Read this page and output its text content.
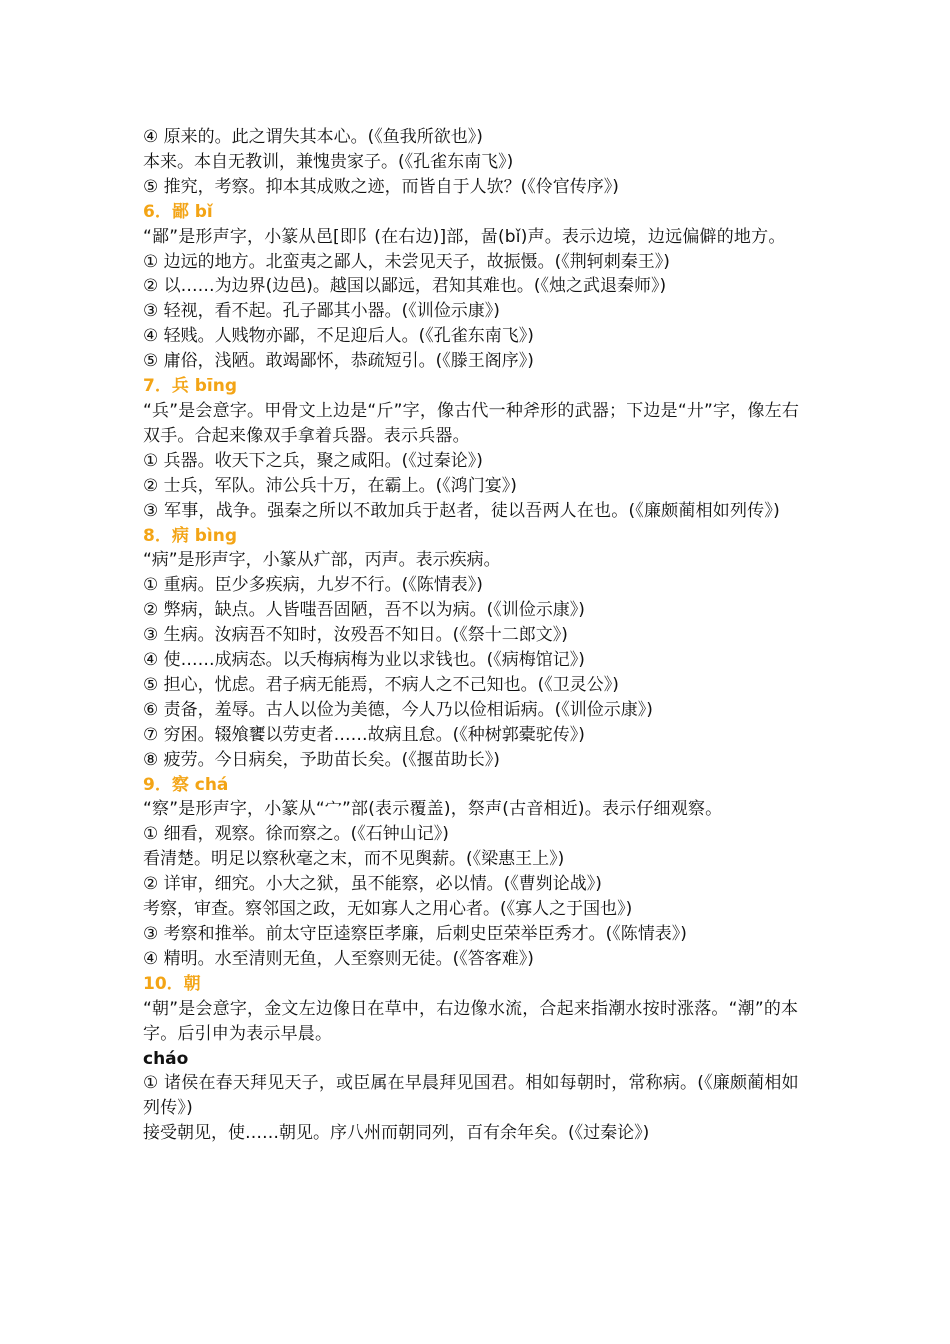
④ 原来的。此之谓失其本心。(《鱼我所欲也》)
本来。本自无教训，兼愧贵家子。(《孔雀东南飞》)
⑤ 推究，考察。抑本其成败之迹，而皆自于人欤？(《伶官传序》)
6．鄙 bǐ
“鄙”是形声字，小篆从邑[即阝(在右边)]部，啚(bǐ)声。表示边境，边远偏僻的地方。
① 边远的地方。北蛮夷之鄙人，未尝见天子，故振慑。(《荆轲刺秦王》)
② 以……为边界(边邑)。越国以鄙远，君知其难也。(《烛之武退秦师》)
③ 轻视，看不起。孔子鄙其小器。(《训俭示康》)
④ 轻贱。人贱物亦鄙，不足迎后人。(《孔雀东南飞》)
⑤ 庸俗，浅陋。敢竭鄙怀，恭疏短引。(《滕王阁序》)
7．兵 bīng
“兵”是会意字。甲骨文上边是“斤”字，像古代一种斧形的武器；下边是“廾”字，像左右双手。合起来像双手拿着兵器。表示兵器。
① 兵器。收天下之兵，聚之咸阳。(《过秦论》)
② 士兵，军队。沛公兵十万，在霸上。(《鸿门宴》)
③ 军事，战争。强秦之所以不敢加兵于赵者，徒以吾两人在也。(《廉颇蔺相如列传》)
8．病 bìng
“病”是形声字，小篆从疒部，丙声。表示疾病。
① 重病。臣少多疾病，九岁不行。(《陈情表》)
② 弊病，缺点。人皆嗤吾固陋，吾不以为病。(《训俭示康》)
③ 生病。汝病吾不知时，汝殁吾不知日。(《祭十二郎文》)
④ 使……成病态。以夭梅病梅为业以求钱也。(《病梅馆记》)
⑤ 担心，忧虑。君子病无能焉，不病人之不己知也。(《卫灵公》)
⑥ 责备，羞辱。古人以俭为美德，今人乃以俭相诟病。(《训俭示康》)
⑦ 穷困。辍飧饔以劳吏者……故病且怠。(《种树郭橐驼传》)
⑧ 疲劳。今日病矣，予助苗长矣。(《揠苗助长》)
9．察 chá
“察”是形声字，小篆从“宀”部(表示覆盖)，祭声(古音相近)。表示仔细观察。
① 细看，观察。徐而察之。(《石钟山记》)
看清楚。明足以察秋毫之末，而不见舆薪。(《梁惠王上》)
② 详审，细究。小大之狱，虽不能察，必以情。(《曹刿论战》)
考察，审查。察邻国之政，无如寡人之用心者。(《寡人之于国也》)
③ 考察和推举。前太守臣逵察臣孝廉，后刺史臣荣举臣秀才。(《陈情表》)
④ 精明。水至清则无鱼，人至察则无徒。(《答客难》)
10．朝
“朝”是会意字，金文左边像日在草中，右边像水流，合起来指潮水按时涨落。“潮”的本字。后引申为表示早晨。
cháo
① 诸侯在春天拜见天子，或臣属在早晨拜见国君。相如每朝时，常称病。(《廉颇蔺相如列传》)
接受朝见，使……朝见。序八州而朝同列，百有余年矣。(《过秦论》)
